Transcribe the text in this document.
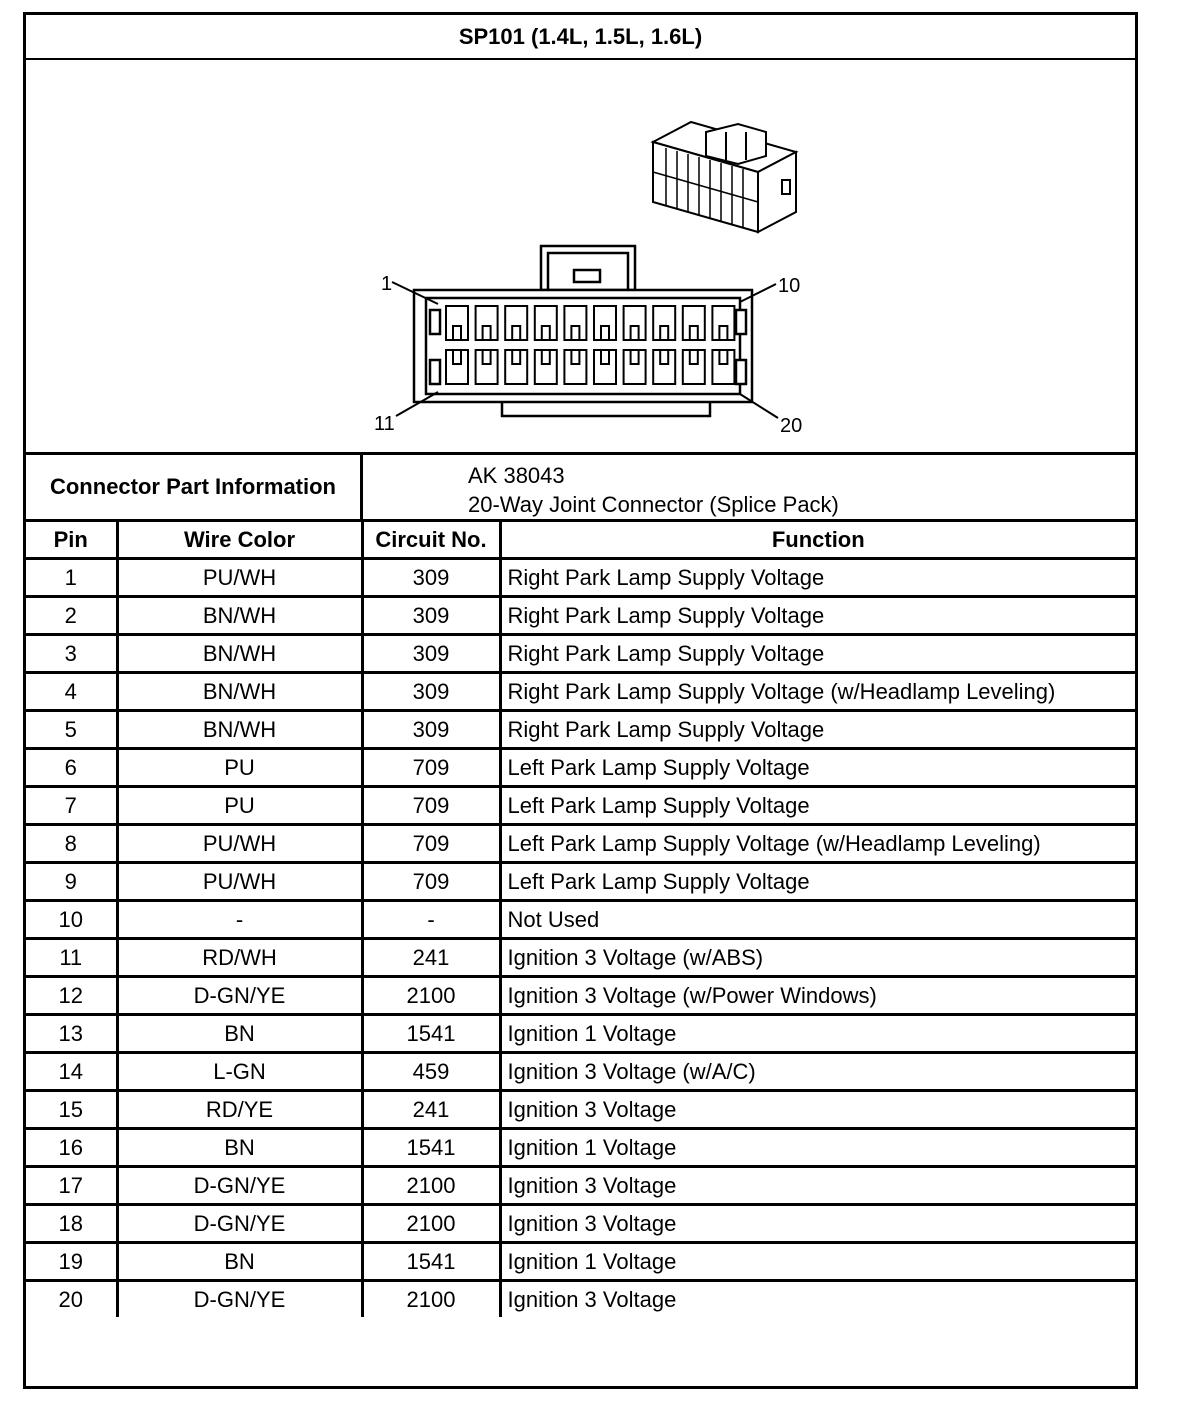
SP101 (1.4L, 1.5L, 1.6L)
1	10
11	20
Connector Part Information	AK 38043
20-Way Joint Connector (Splice Pack)
Pin	Wire Color	Circuit No.	Function
1	PU/WH	309	Right Park Lamp Supply Voltage
2	BN/WH	309	Right Park Lamp Supply Voltage
3	BN/WH	309	Right Park Lamp Supply Voltage
4	BN/WH	309	Right Park Lamp Supply Voltage (w/Headlamp Leveling)
5	BN/WH	309	Right Park Lamp Supply Voltage
6	PU	709	Left Park Lamp Supply Voltage
7	PU	709	Left Park Lamp Supply Voltage
8	PU/WH	709	Left Park Lamp Supply Voltage (w/Headlamp Leveling)
9	PU/WH	709	Left Park Lamp Supply Voltage
10	-	-	Not Used
11	RD/WH	241	Ignition 3 Voltage (w/ABS)
12	D-GN/YE	2100	Ignition 3 Voltage (w/Power Windows)
13	BN	1541	Ignition 1 Voltage
14	L-GN	459	Ignition 3 Voltage (w/A/C)
15	RD/YE	241	Ignition 3 Voltage
16	BN	1541	Ignition 1 Voltage
17	D-GN/YE	2100	Ignition 3 Voltage
18	D-GN/YE	2100	Ignition 3 Voltage
19	BN	1541	Ignition 1 Voltage
20	D-GN/YE	2100	Ignition 3 Voltage
